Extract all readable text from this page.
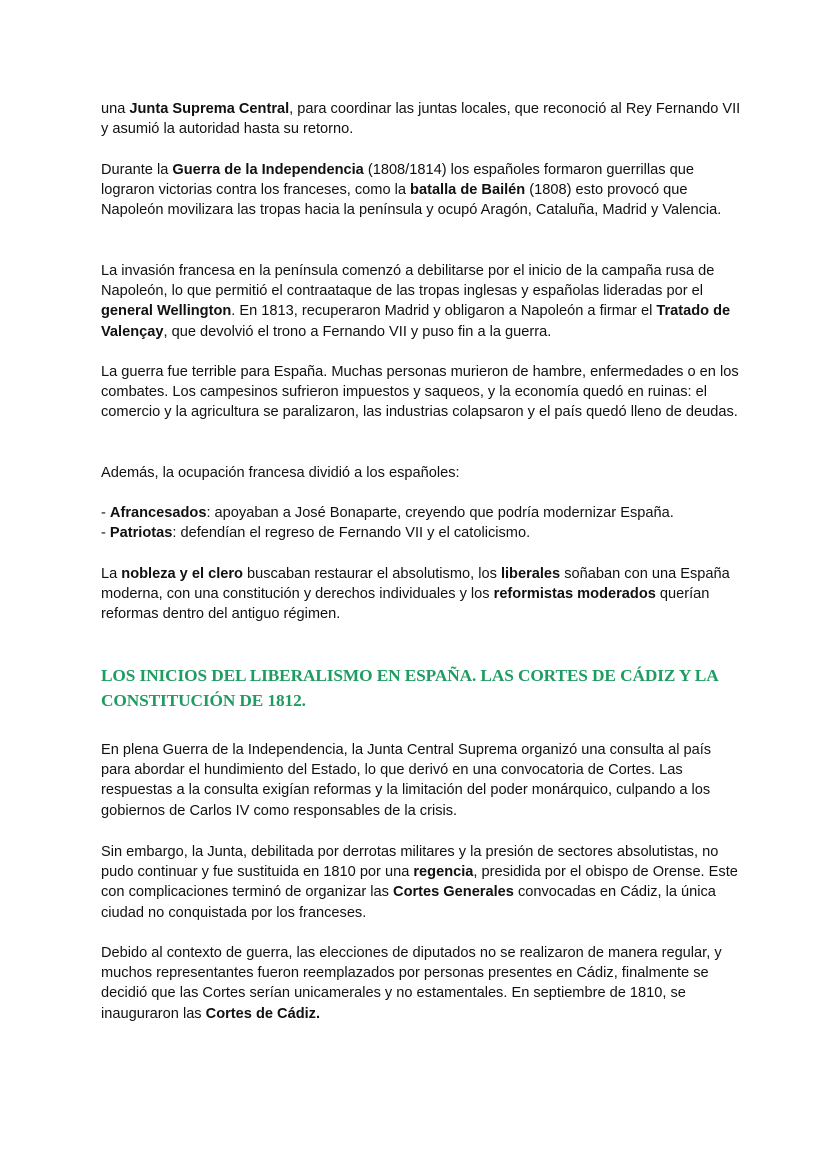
una Junta Suprema Central, para coordinar las juntas locales, que reconoció al Rey Fernando VII y asumió la autoridad hasta su retorno.

Durante la Guerra de la Independencia (1808/1814) los españoles formaron guerrillas que lograron victorias contra los franceses, como la batalla de Bailén (1808) esto provocó que Napoleón movilizara las tropas hacia la península y ocupó Aragón, Cataluña, Madrid y Valencia.

La invasión francesa en la península comenzó a debilitarse por el inicio de la campaña rusa de Napoleón, lo que permitió el contraataque de las tropas inglesas y españolas lideradas por el general Wellington. En 1813, recuperaron Madrid y obligaron a Napoleón a firmar el Tratado de Valençay, que devolvió el trono a Fernando VII y puso fin a la guerra.

La guerra fue terrible para España. Muchas personas murieron de hambre, enfermedades o en los combates. Los campesinos sufrieron impuestos y saqueos, y la economía quedó en ruinas: el comercio y la agricultura se paralizaron, las industrias colapsaron y el país quedó lleno de deudas.

Además, la ocupación francesa dividió a los españoles:

- Afrancesados: apoyaban a José Bonaparte, creyendo que podría modernizar España.
- Patriotas: defendían el regreso de Fernando VII y el catolicismo.

La nobleza y el clero buscaban restaurar el absolutismo, los liberales soñaban con una España moderna, con una constitución y derechos individuales y los reformistas moderados querían reformas dentro del antiguo régimen.

LOS INICIOS DEL LIBERALISMO EN ESPAÑA. LAS CORTES DE CÁDIZ Y LA
CONSTITUCIÓN DE 1812.

En plena Guerra de la Independencia, la Junta Central Suprema organizó una consulta al país para abordar el hundimiento del Estado, lo que derivó en una convocatoria de Cortes. Las respuestas a la consulta exigían reformas y la limitación del poder monárquico, culpando a los gobiernos de Carlos IV como responsables de la crisis.

Sin embargo, la Junta, debilitada por derrotas militares y la presión de sectores absolutistas, no pudo continuar y fue sustituida en 1810 por una regencia, presidida por el obispo de Orense. Este con complicaciones terminó de organizar las Cortes Generales convocadas en Cádiz, la única ciudad no conquistada por los franceses.

Debido al contexto de guerra, las elecciones de diputados no se realizaron de manera regular, y muchos representantes fueron reemplazados por personas presentes en Cádiz, finalmente se decidió que las Cortes serían unicamerales y no estamentales. En septiembre de 1810, se inauguraron las Cortes de Cádiz.
